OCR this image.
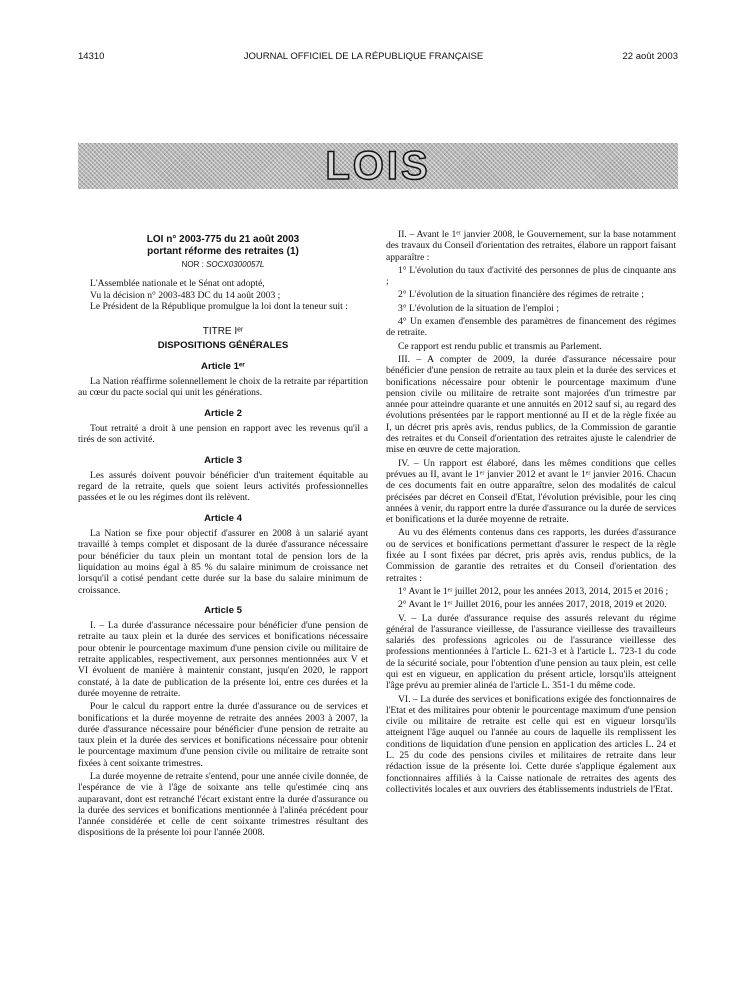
14310	JOURNAL OFFICIEL DE LA RÉPUBLIQUE FRANÇAISE	22 août 2003
LOIS
LOI n° 2003-775 du 21 août 2003
portant réforme des retraites (1)
NOR : SOCX0300057L

L'Assemblée nationale et le Sénat ont adopté,

Vu la décision n° 2003-483 DC du 14 août 2003 ;

Le Président de la République promulgue la loi dont la teneur suit :

TITRE Iᵉʳ
DISPOSITIONS GÉNÉRALES
Article 1ᵉʳ

La Nation réaffirme solennellement le choix de la retraite par répartition au cœur du pacte social qui unit les générations.

Article 2

Tout retraité a droit à une pension en rapport avec les revenus qu'il a tirés de son activité.

Article 3

Les assurés doivent pouvoir bénéficier d'un traitement équitable au regard de la retraite, quels que soient leurs activités professionnelles passées et le ou les régimes dont ils relèvent.

Article 4

La Nation se fixe pour objectif d'assurer en 2008 à un salarié ayant travaillé à temps complet et disposant de la durée d'assurance nécessaire pour bénéficier du taux plein un montant total de pension lors de la liquidation au moins égal à 85 % du salaire minimum de croissance net lorsqu'il a cotisé pendant cette durée sur la base du salaire minimum de croissance.

Article 5

I. – La durée d'assurance nécessaire pour bénéficier d'une pension de retraite au taux plein et la durée des services et bonifications nécessaire pour obtenir le pourcentage maximum d'une pension civile ou militaire de retraite applicables, respectivement, aux personnes mentionnées aux V et VI évoluent de manière à maintenir constant, jusqu'en 2020, le rapport constaté, à la date de publication de la présente loi, entre ces durées et la durée moyenne de retraite.

Pour le calcul du rapport entre la durée d'assurance ou de services et bonifications et la durée moyenne de retraite des années 2003 à 2007, la durée d'assurance nécessaire pour bénéficier d'une pension de retraite au taux plein et la durée des services et bonifications nécessaire pour obtenir le pourcentage maximum d'une pension civile ou militaire de retraite sont fixées à cent soixante trimestres.

La durée moyenne de retraite s'entend, pour une année civile donnée, de l'espérance de vie à l'âge de soixante ans telle qu'estimée cinq ans auparavant, dont est retranché l'écart existant entre la durée d'assurance ou la durée des services et bonifications mentionnée à l'alinéa précédent pour l'année considérée et celle de cent soixante trimestres résultant des dispositions de la présente loi pour l'année 2008.

II. – Avant le 1ᵉʳ janvier 2008, le Gouvernement, sur la base notamment des travaux du Conseil d'orientation des retraites, élabore un rapport faisant apparaître :

1° L'évolution du taux d'activité des personnes de plus de cinquante ans ;

2° L'évolution de la situation financière des régimes de retraite ;

3° L'évolution de la situation de l'emploi ;

4° Un examen d'ensemble des paramètres de financement des régimes de retraite.

Ce rapport est rendu public et transmis au Parlement.

III. – A compter de 2009, la durée d'assurance nécessaire pour bénéficier d'une pension de retraite au taux plein et la durée des services et bonifications nécessaire pour obtenir le pourcentage maximum d'une pension civile ou militaire de retraite sont majorées d'un trimestre par année pour atteindre quarante et une annuités en 2012 sauf si, au regard des évolutions présentées par le rapport mentionné au II et de la règle fixée au I, un décret pris après avis, rendus publics, de la Commission de garantie des retraites et du Conseil d'orientation des retraites ajuste le calendrier de mise en œuvre de cette majoration.

IV. – Un rapport est élaboré, dans les mêmes conditions que celles prévues au II, avant le 1ᵉʳ janvier 2012 et avant le 1ᵉʳ janvier 2016. Chacun de ces documents fait en outre apparaître, selon des modalités de calcul précisées par décret en Conseil d'Etat, l'évolution prévisible, pour les cinq années à venir, du rapport entre la durée d'assurance ou la durée de services et bonifications et la durée moyenne de retraite.

Au vu des éléments contenus dans ces rapports, les durées d'assurance ou de services et bonifications permettant d'assurer le respect de la règle fixée au I sont fixées par décret, pris après avis, rendus publics, de la Commission de garantie des retraites et du Conseil d'orientation des retraites :

1° Avant le 1ᵉʳ juillet 2012, pour les années 2013, 2014, 2015 et 2016 ;

2° Avant le 1ᵉʳ Juillet 2016, pour les années 2017, 2018, 2019 et 2020.

V. – La durée d'assurance requise des assurés relevant du régime général de l'assurance vieillesse, de l'assurance vieillesse des travailleurs salariés des professions agricoles ou de l'assurance vieillesse des professions mentionnées à l'article L. 621-3 et à l'article L. 723-1 du code de la sécurité sociale, pour l'obtention d'une pension au taux plein, est celle qui est en vigueur, en application du présent article, lorsqu'ils atteignent l'âge prévu au premier alinéa de l'article L. 351-1 du même code.

VI. – La durée des services et bonifications exigée des fonctionnaires de l'Etat et des militaires pour obtenir le pourcentage maximum d'une pension civile ou militaire de retraite est celle qui est en vigueur lorsqu'ils atteignent l'âge auquel ou l'année au cours de laquelle ils remplissent les conditions de liquidation d'une pension en application des articles L. 24 et L. 25 du code des pensions civiles et militaires de retraite dans leur rédaction issue de la présente loi. Cette durée s'applique également aux fonctionnaires affiliés à la Caisse nationale de retraites des agents des collectivités locales et aux ouvriers des établissements industriels de l'Etat.
